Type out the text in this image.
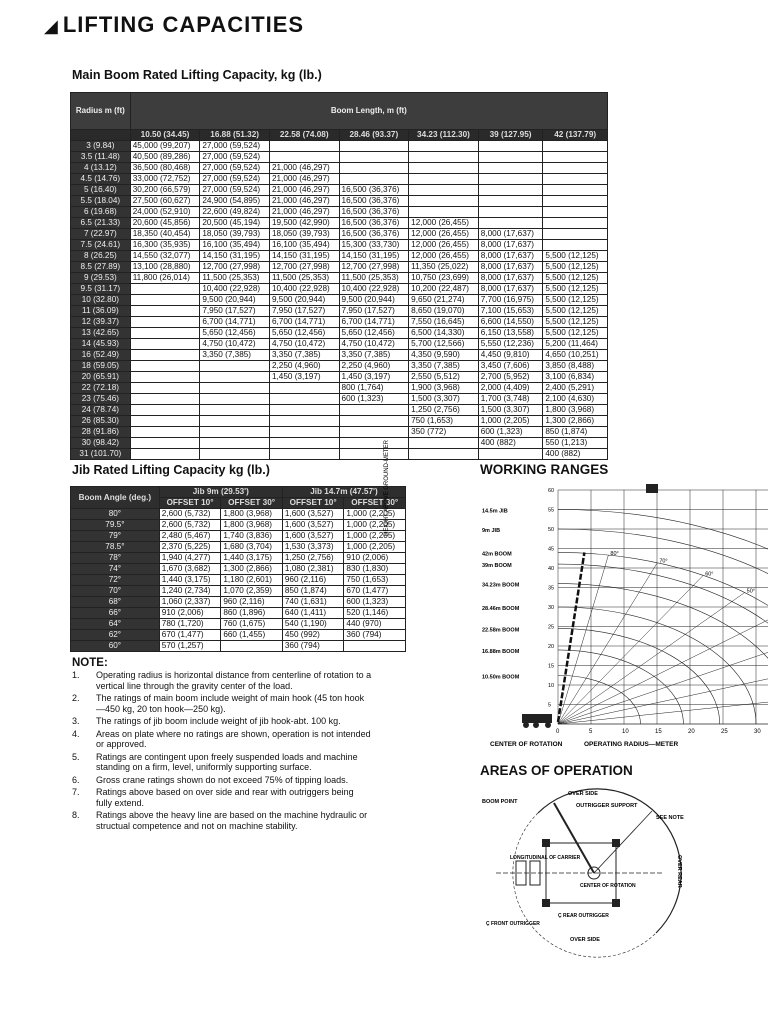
◢ LIFTING CAPACITIES
Main Boom Rated Lifting Capacity, kg (lb.)
Radius m (ft)	Boom Length, m (ft)						
	10.50 (34.45)	16.88 (51.32)	22.58 (74.08)	28.46 (93.37)	34.23 (112.30)	39 (127.95)	42 (137.79)
3 (9.84)	45,000 (99,207)	27,000 (59,524)					
3.5 (11.48)	40,500 (89,286)	27,000 (59,524)					
4 (13.12)	36,500 (80,468)	27,000 (59,524)	21,000 (46,297)				
4.5 (14.76)	33,000 (72,752)	27,000 (59,524)	21,000 (46,297)				
5 (16.40)	30,200 (66,579)	27,000 (59,524)	21,000 (46,297)	16,500 (36,376)			
5.5 (18.04)	27,500 (60,627)	24,900 (54,895)	21,000 (46,297)	16,500 (36,376)			
6 (19.68)	24,000 (52,910)	22,600 (49,824)	21,000 (46,297)	16,500 (36,376)			
6.5 (21.33)	20,600 (45,856)	20,500 (45,194)	19,500 (42,990)	16,500 (36,376)	12,000 (26,455)		
7 (22.97)	18,350 (40,454)	18,050 (39,793)	18,050 (39,793)	16,500 (36,376)	12,000 (26,455)	8,000 (17,637)	
7.5 (24.61)	16,300 (35,935)	16,100 (35,494)	16,100 (35,494)	15,300 (33,730)	12,000 (26,455)	8,000 (17,637)	
8 (26.25)	14,550 (32,077)	14,150 (31,195)	14,150 (31,195)	14,150 (31,195)	12,000 (26,455)	8,000 (17,637)	5,500 (12,125)
8.5 (27.89)	13,100 (28,880)	12,700 (27,998)	12,700 (27,998)	12,700 (27,998)	11,350 (25,022)	8,000 (17,637)	5,500 (12,125)
9 (29.53)	11,800 (26,014)	11,500 (25,353)	11,500 (25,353)	11,500 (25,353)	10,750 (23,699)	8,000 (17,637)	5,500 (12,125)
9.5 (31.17)		10,400 (22,928)	10,400 (22,928)	10,400 (22,928)	10,200 (22,487)	8,000 (17,637)	5,500 (12,125)
10 (32.80)		9,500 (20,944)	9,500 (20,944)	9,500 (20,944)	9,650 (21,274)	7,700 (16,975)	5,500 (12,125)
11 (36.09)		7,950 (17,527)	7,950 (17,527)	7,950 (17,527)	8,650 (19,070)	7,100 (15,653)	5,500 (12,125)
12 (39.37)		6,700 (14,771)	6,700 (14,771)	6,700 (14,771)	7,550 (16,645)	6,600 (14,550)	5,500 (12,125)
13 (42.65)		5,650 (12,456)	5,650 (12,456)	5,650 (12,456)	6,500 (14,330)	6,150 (13,558)	5,500 (12,125)
14 (45.93)		4,750 (10,472)	4,750 (10,472)	4,750 (10,472)	5,700 (12,566)	5,550 (12,236)	5,200 (11,464)
16 (52.49)		3,350 (7,385)	3,350 (7,385)	3,350 (7,385)	4,350 (9,590)	4,450 (9,810)	4,650 (10,251)
18 (59.05)			2,250 (4,960)	2,250 (4,960)	3,350 (7,385)	3,450 (7,606)	3,850 (8,488)
20 (65.91)			1,450 (3,197)	1,450 (3,197)	2,550 (5,512)	2,700 (5,952)	3,100 (6,834)
22 (72.18)				800 (1,764)	1,900 (3,968)	2,000 (4,409)	2,400 (5,291)
23 (75.46)				600 (1,323)	1,500 (3,307)	1,700 (3,748)	2,100 (4,630)
24 (78.74)					1,250 (2,756)	1,500 (3,307)	1,800 (3,968)
26 (85.30)					750 (1,653)	1,000 (2,205)	1,300 (2,866)
28 (91.86)					350 (772)	600 (1,323)	850 (1,874)
30 (98.42)						400 (882)	550 (1,213)
31 (101.70)							400 (882)
Jib Rated Lifting Capacity kg (lb.)
Boom Angle (deg.)	Jib 9m (29.53')		Jib 14.7m (47.57')	
	OFFSET 10°	OFFSET 30°	OFFSET 10°	OFFSET 30°
80°	2,600 (5,732)	1,800 (3,968)	1,600 (3,527)	1,000 (2,205)
79.5°	2,600 (5,732)	1,800 (3,968)	1,600 (3,527)	1,000 (2,205)
79°	2,480 (5,467)	1,740 (3,836)	1,600 (3,527)	1,000 (2,205)
78.5°	2,370 (5,225)	1,680 (3,704)	1,530 (3,373)	1,000 (2,205)
78°	1,940 (4,277)	1,440 (3,175)	1,250 (2,756)	910 (2,006)
74°	1,670 (3,682)	1,300 (2,866)	1,080 (2,381)	830 (1,830)
72°	1,440 (3,175)	1,180 (2,601)	960 (2,116)	750 (1,653)
70°	1,240 (2,734)	1,070 (2,359)	850 (1,874)	670 (1,477)
68°	1,060 (2,337)	960 (2,116)	740 (1,631)	600 (1,323)
66°	910 (2,006)	860 (1,896)	640 (1,411)	520 (1,146)
64°	780 (1,720)	760 (1,675)	540 (1,190)	440 (970)
62°	670 (1,477)	660 (1,455)	450 (992)	360 (794)
60°	570 (1,257)		360 (794)	
NOTE:
1.	Operating radius is horizontal distance from centerline of rotation to a vertical line through the gravity center of the load.
2.	The ratings of main boom include weight of main hook (45 ton hook—450 kg, 20 ton hook—250 kg).
3.	The ratings of jib boom include weight of jib hook-abt. 100 kg.
4.	Areas on plate where no ratings are shown, operation is not intended or approved.
5.	Ratings are contingent upon freely suspended loads and machine standing on a firm, level, uniformly supporting surface.
6.	Gross crane ratings shown do not exceed 75% of tipping loads.
7.	Ratings above based on over side and rear with outriggers being fully extend.
8.	Ratings above the heavy line are based on the machine hydraulic or structual competence and not on machine stability.
WORKING RANGES
0	5	10	15	20	25	30
60
55
50
45
40
35
30
25
20
15
10
5
14.5m JIB
9m JIB
42m BOOM
39m BOOM
34.23m BOOM
28.46m BOOM
22.58m BOOM
16.88m BOOM
10.50m BOOM
80°
70°
60°
50°
HEIGHT ABOVE GROUND-METER
CENTER OF ROTATION	OPERATING RADIUS—METER
AREAS OF OPERATION
BOOM POINT
OVER SIDE
OUTRIGGER SUPPORT
SEE NOTE
OVER REAR
LONGITUDINAL OF CARRIER
CENTER OF ROTATION
Ç FRONT OUTRIGGER
Ç REAR OUTRIGGER
OVER SIDE
